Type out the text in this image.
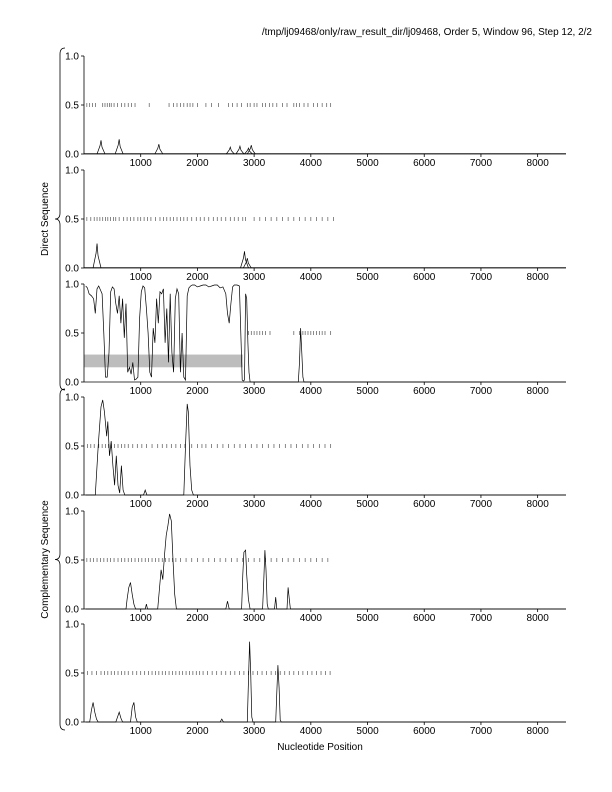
/tmp/lj09468/only/raw_result_dir/lj09468, Order 5, Window 96, Step 12, 2/2
0.0
0.5
1.0
1000	2000	3000	4000	5000	6000	7000	8000
0.0
0.5
1.0
1000	2000	3000	4000	5000	6000	7000	8000
0.0
0.5
1.0
1000	2000	3000	4000	5000	6000	7000	8000
0.0
0.5
1.0
1000	2000	3000	4000	5000	6000	7000	8000
0.0
0.5
1.0
1000	2000	3000	4000	5000	6000	7000	8000
0.0
0.5
1.0
1000	2000	3000	4000	5000	6000	7000	8000
Direct Sequence
Complementary Sequence
Nucleotide Position
